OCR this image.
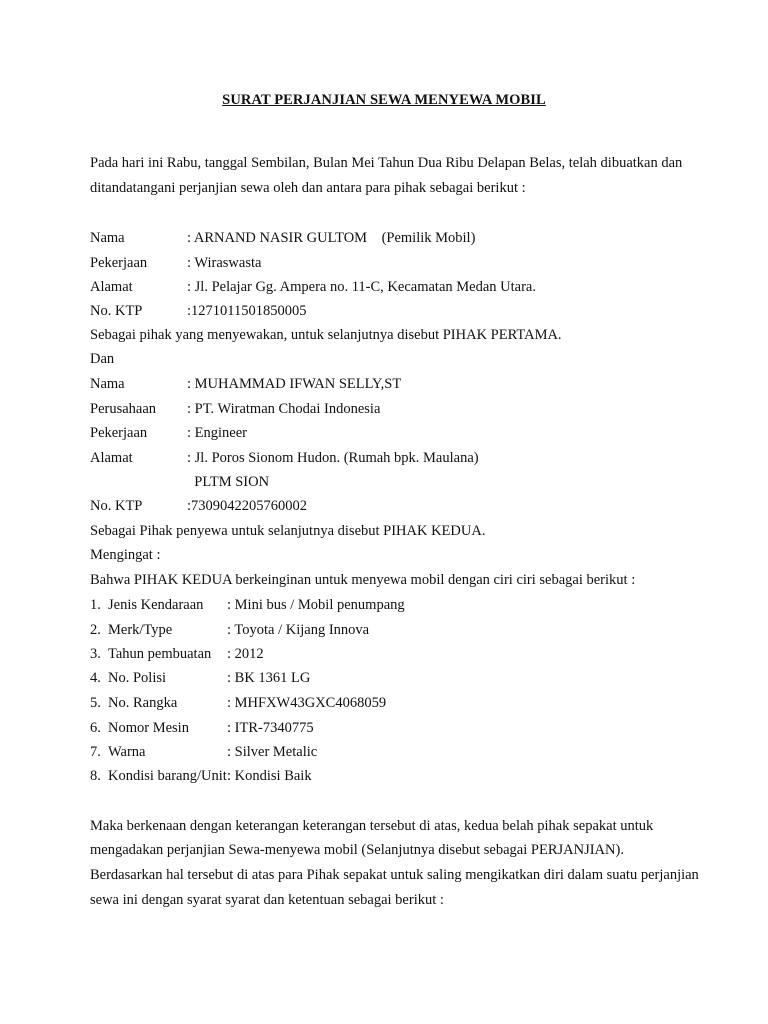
SURAT PERJANJIAN SEWA MENYEWA MOBIL
Pada hari ini Rabu, tanggal Sembilan, Bulan Mei Tahun Dua Ribu Delapan Belas, telah dibuatkan dan
ditandatangani perjanjian sewa oleh dan antara para pihak sebagai berikut :
Nama	: ARNAND NASIR GULTOM    (Pemilik Mobil)
Pekerjaan	: Wiraswasta
Alamat	: Jl. Pelajar Gg. Ampera no. 11-C, Kecamatan Medan Utara.
No. KTP	:1271011501850005
Sebagai pihak yang menyewakan, untuk selanjutnya disebut PIHAK PERTAMA.
Dan
Nama	: MUHAMMAD IFWAN SELLY,ST
Perusahaan : PT. Wiratman Chodai Indonesia
Pekerjaan	: Engineer
Alamat	: Jl. Poros Sionom Hudon. (Rumah bpk. Maulana)
PLTM SION
No. KTP	:7309042205760002
Sebagai Pihak penyewa untuk selanjutnya disebut PIHAK KEDUA.
Mengingat :
Bahwa PIHAK KEDUA berkeinginan untuk menyewa mobil dengan ciri ciri sebagai berikut :
1. Jenis Kendaraan : Mini bus / Mobil penumpang
2. Merk/Type	: Toyota / Kijang Innova
3. Tahun pembuatan : 2012
4. No. Polisi	: BK 1361 LG
5. No. Rangka	: MHFXW43GXC4068059
6. Nomor Mesin	: ITR-7340775
7. Warna	: Silver Metalic
8. Kondisi barang/Unit : Kondisi Baik
Maka berkenaan dengan keterangan keterangan tersebut di atas, kedua belah pihak sepakat untuk
mengadakan perjanjian Sewa-menyewa mobil (Selanjutnya disebut sebagai PERJANJIAN).
Berdasarkan hal tersebut di atas para Pihak sepakat untuk saling mengikatkan diri dalam suatu perjanjian
sewa ini dengan syarat syarat dan ketentuan sebagai berikut :
